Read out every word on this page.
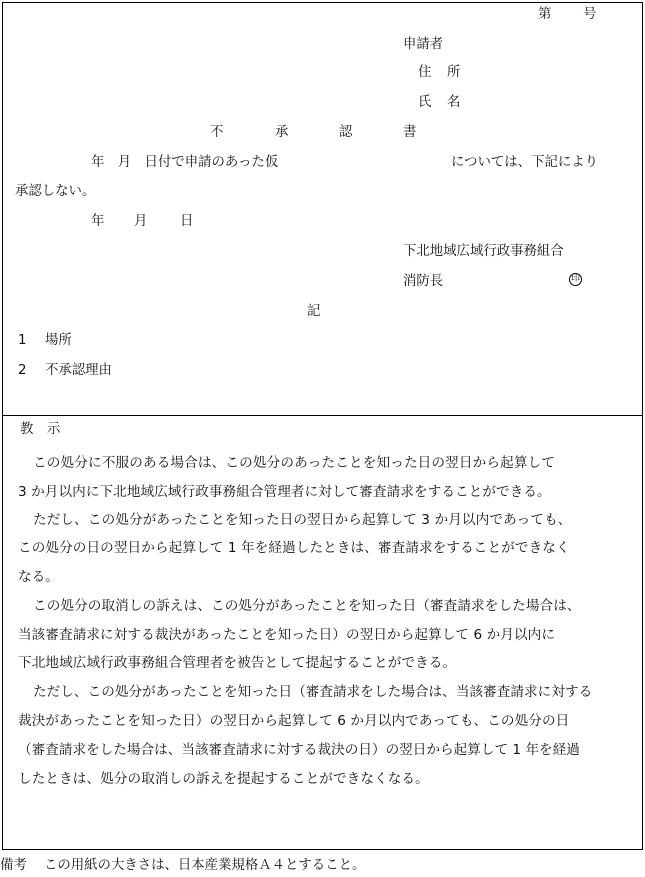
第 号
申請者
住 所
氏 名
不	承	認	書
年　月　日付で申請のあった仮	については、下記により
承認しない。
年 月 日
下北地域広域行政事務組合
消防長	印
記
1 場所
2 不承認理由
教 示
この処分に不服のある場合は、この処分のあったことを知った日の翌日から起算して
3 か月以内に下北地域広域行政事務組合管理者に対して審査請求をすることができる。
ただし、この処分があったことを知った日の翌日から起算して 3 か月以内であっても、
この処分の日の翌日から起算して 1 年を経過したときは、審査請求をすることができなく
なる。
この処分の取消しの訴えは、この処分があったことを知った日（審査請求をした場合は、
当該審査請求に対する裁決があったことを知った日）の翌日から起算して 6 か月以内に
下北地域広域行政事務組合管理者を被告として提起することができる。
ただし、この処分があったことを知った日（審査請求をした場合は、当該審査請求に対する
裁決があったことを知った日）の翌日から起算して 6 か月以内であっても、この処分の日
（審査請求をした場合は、当該審査請求に対する裁決の日）の翌日から起算して 1 年を経過
したときは、処分の取消しの訴えを提起することができなくなる。
備考 この用紙の大きさは、日本産業規格Ａ４とすること。
